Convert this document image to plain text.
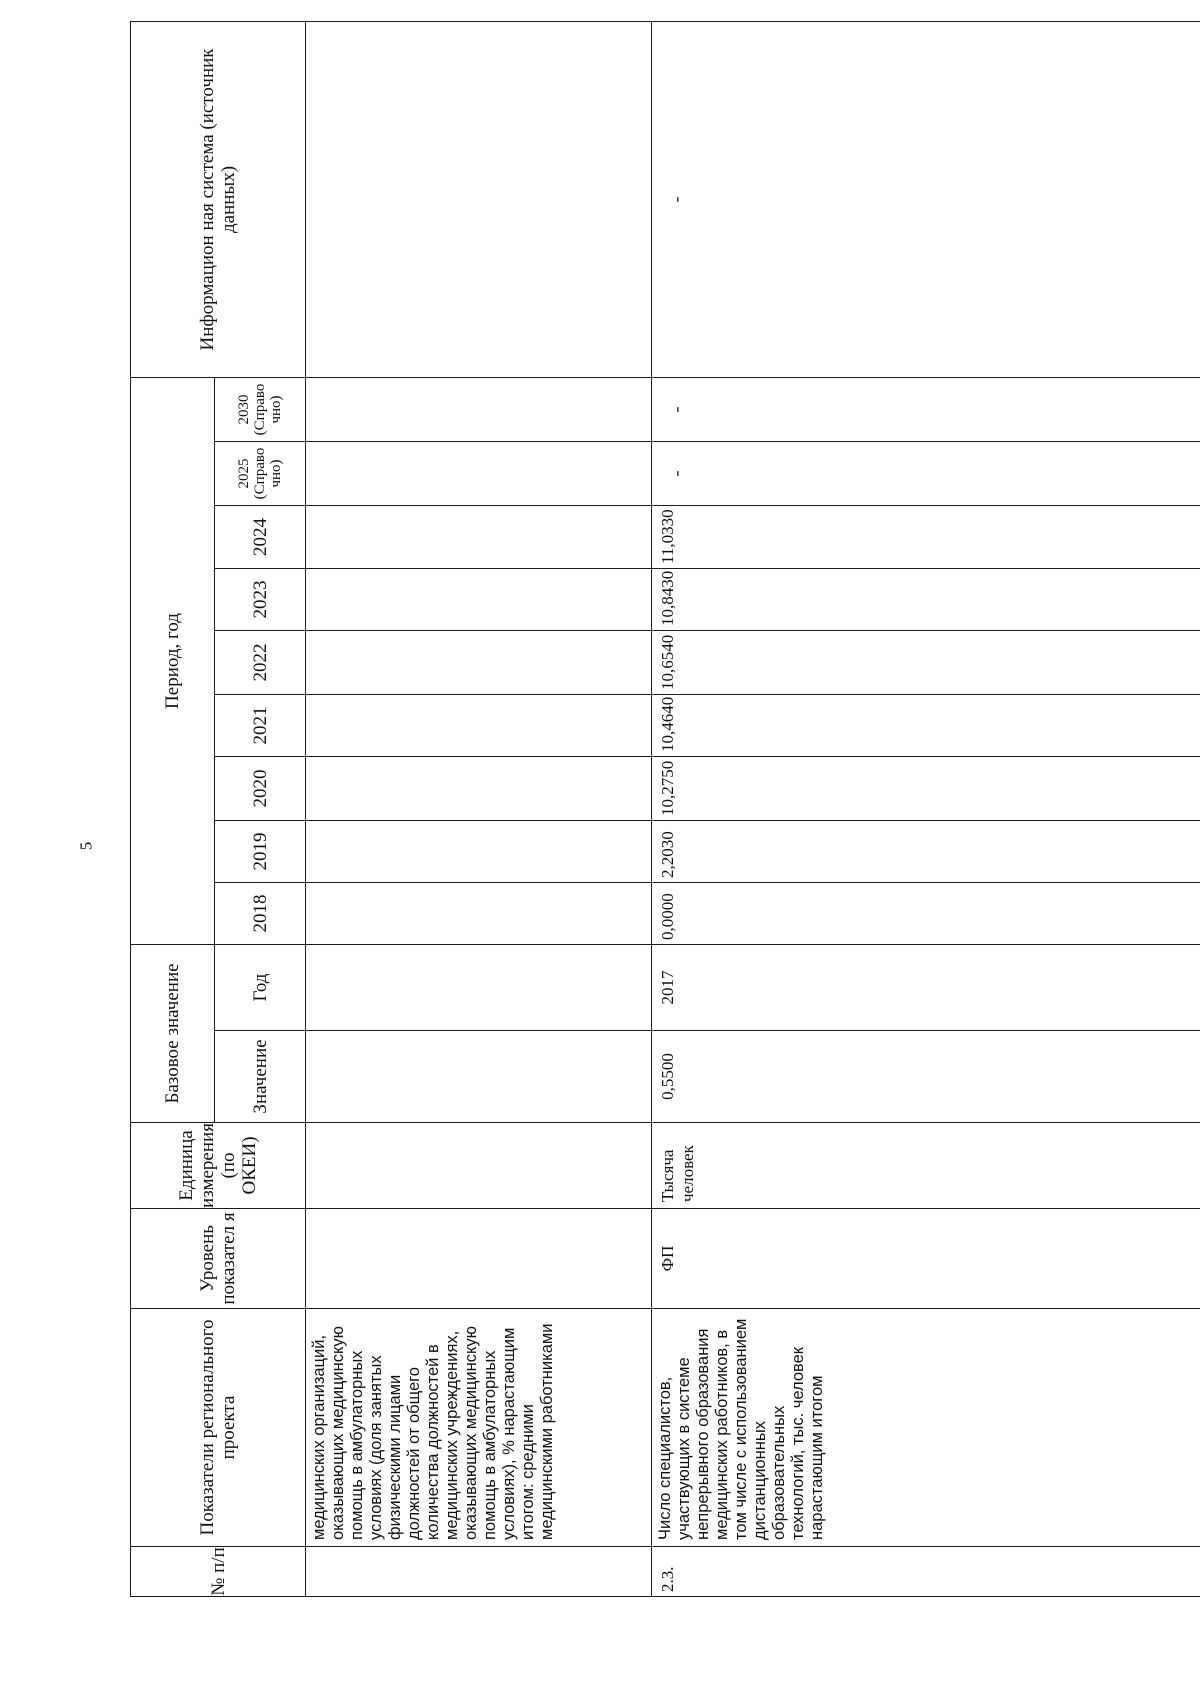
5
№ п/п	Показатели регионального проекта	Уровень показател я	Единица измерения (по ОКЕИ)	Базовое значение		Период, год									Информацион ная система (источник данных)
				Значение	Год	2018	2019	2020	2021	2022	2023	2024	2025 (Справо чно)	2030 (Справо чно)	
	медицинских организаций, оказывающих медицинскую помощь в амбулаторных условиях (доля занятых физическими лицами должностей от общего количества должностей в медицинских учреждениях, оказывающих медицинскую помощь в амбулаторных условиях), % нарастающим итогом: средними медицинскими работниками														
2.3.	Число специалистов, участвующих в системе непрерывного образования медицинских работников, в том числе с использованием дистанционных образовательных технологий, тыс. человек нарастающим итогом	ФП	Тысяча человек	0,5500	2017	0,0000	2,2030	10,2750	10,4640	10,6540	10,8430	11,0330	-	-	-
